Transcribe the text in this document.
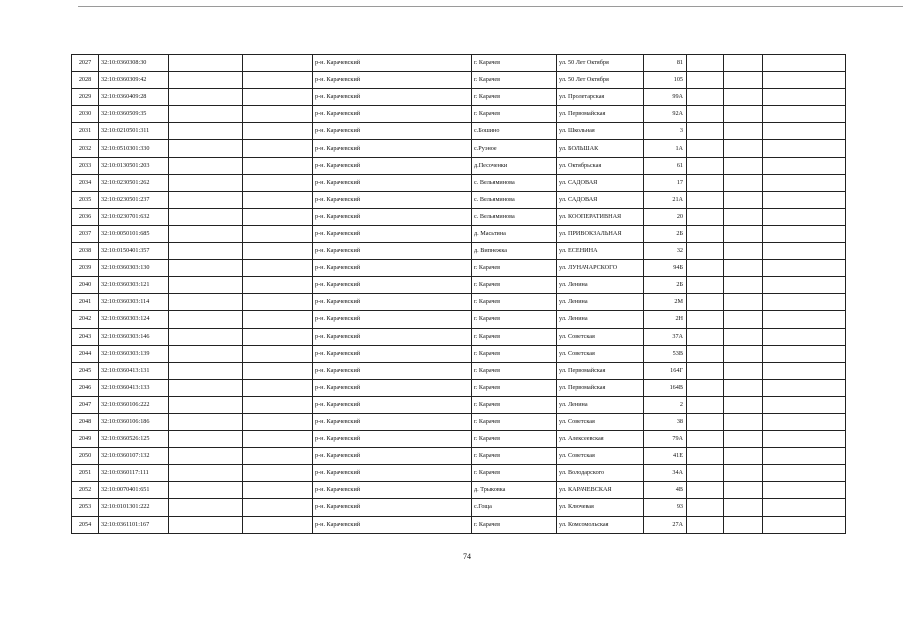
2027	32:10:0360308:30			р-н. Карачевский	г. Карачев	ул. 50 Лет Октября	81			
2028	32:10:0360309:42			р-н. Карачевский	г. Карачев	ул. 50 Лет Октября	105			
2029	32:10:0360409:28			р-н. Карачевский	г. Карачев	ул. Пролетарская	99А			
2030	32:10:0360509:35			р-н. Карачевский	г. Карачев	ул. Первомайская	92А			
2031	32:10:0210501:311			р-н. Карачевский	с.Бошино	ул. Школьная	3			
2032	32:10:0510301:330			р-н. Карачевский	с.Руэнoe	ул. БОЛЬШАК	1А			
2033	32:10:0130501:203			р-н. Карачевский	д.Песоченки	ул. Октябрьская	61			
2034	32:10:0230501:262			р-н. Карачевский	с. Вельяминова	ул. САДОВАЯ	17			
2035	32:10:0230501:237			р-н. Карачевский	с. Вельяминова	ул. САДОВАЯ	21А			
2036	32:10:0230701:632			р-н. Карачевский	с. Вельяминова	ул. КООПЕРАТИВНАЯ	20			
2037	32:10:0050101:685			р-н. Карачевский	д. Масьтина	ул. ПРИВОКЗАЛЬНАЯ	2Б			
2038	32:10:0150401:357			р-н. Карачевский	д. Випнежка	ул. ЕСЕНИНА	32			
2039	32:10:0360303:130			р-н. Карачевский	г. Карачев	ул. ЛУНАЧАРСКОГО	94Б			
2040	32:10:0360303:121			р-н. Карачевский	г. Карачев	ул. Ленина	2Б			
2041	32:10:0360303:114			р-н. Карачевский	г. Карачев	ул. Ленина	2М			
2042	32:10:0360303:124			р-н. Карачевский	г. Карачев	ул. Ленина	2Н			
2043	32:10:0360303:146			р-н. Карачевский	г. Карачев	ул. Советская	37А			
2044	32:10:0360303:139			р-н. Карачевский	г. Карачев	ул. Советская	53В			
2045	32:10:0360413:131			р-н. Карачевский	г. Карачев	ул. Первомайская	164Г			
2046	32:10:0360413:133			р-н. Карачевский	г. Карачев	ул. Первомайская	164В			
2047	32:10:0360106:222			р-н. Карачевский	г. Карачев	ул. Ленина	2			
2048	32:10:0360106:186			р-н. Карачевский	г. Карачев	ул. Советская	38			
2049	32:10:0360526:125			р-н. Карачевский	г. Карачев	ул. Алексеевская	79А			
2050	32:10:0360107:132			р-н. Карачевский	г. Карачев	ул. Советская	41Е			
2051	32:10:0360117:111			р-н. Карачевский	г. Карачев	ул. Володарского	34А			
2052	32:10:0070401:651			р-н. Карачевский	д. Трыковка	ул. КАРАЧЕВСКАЯ	4В			
2053	32:10:0101301:222			р-н. Карачевский	с.Гоща	ул. Ключевая	93			
2054	32:10:0361101:167			р-н. Карачевский	г. Карачев	ул. Комсомольская	27А			
74
